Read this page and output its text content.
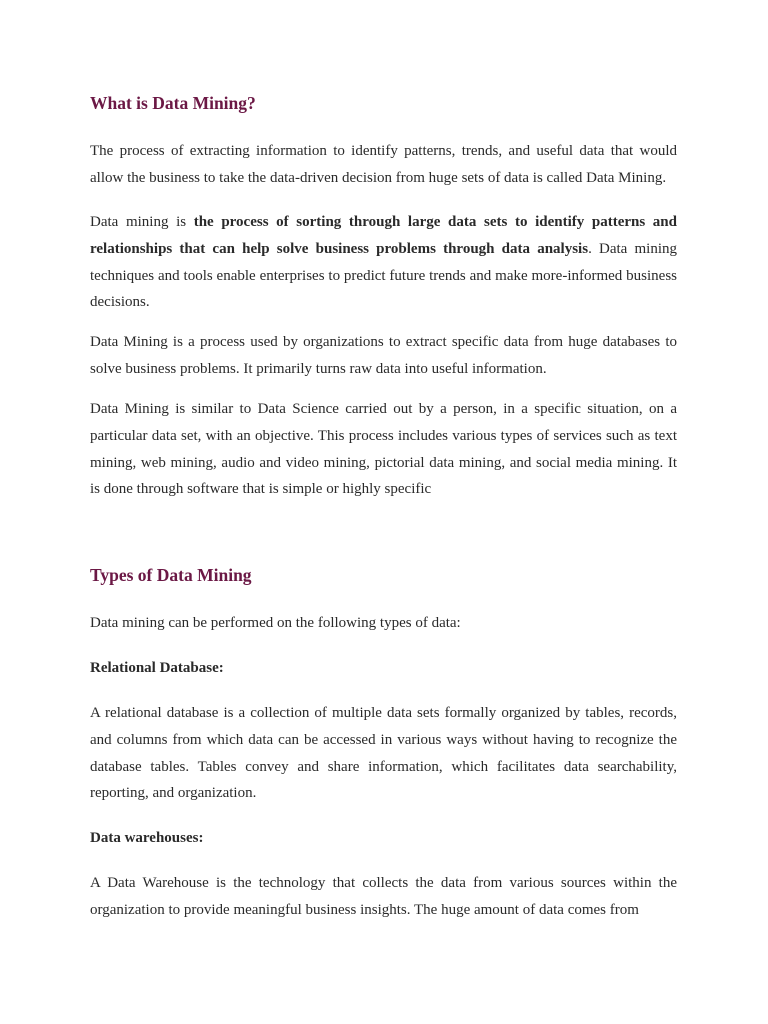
What is Data Mining?

The process of extracting information to identify patterns, trends, and useful data that would allow the business to take the data-driven decision from huge sets of data is called Data Mining.

Data mining is the process of sorting through large data sets to identify patterns and relationships that can help solve business problems through data analysis. Data mining techniques and tools enable enterprises to predict future trends and make more-informed business decisions.

Data Mining is a process used by organizations to extract specific data from huge databases to solve business problems. It primarily turns raw data into useful information.

Data Mining is similar to Data Science carried out by a person, in a specific situation, on a particular data set, with an objective. This process includes various types of services such as text mining, web mining, audio and video mining, pictorial data mining, and social media mining. It is done through software that is simple or highly specific

Types of Data Mining

Data mining can be performed on the following types of data:

Relational Database:

A relational database is a collection of multiple data sets formally organized by tables, records, and columns from which data can be accessed in various ways without having to recognize the database tables. Tables convey and share information, which facilitates data searchability, reporting, and organization.

Data warehouses:

A Data Warehouse is the technology that collects the data from various sources within the organization to provide meaningful business insights. The huge amount of data comes from
